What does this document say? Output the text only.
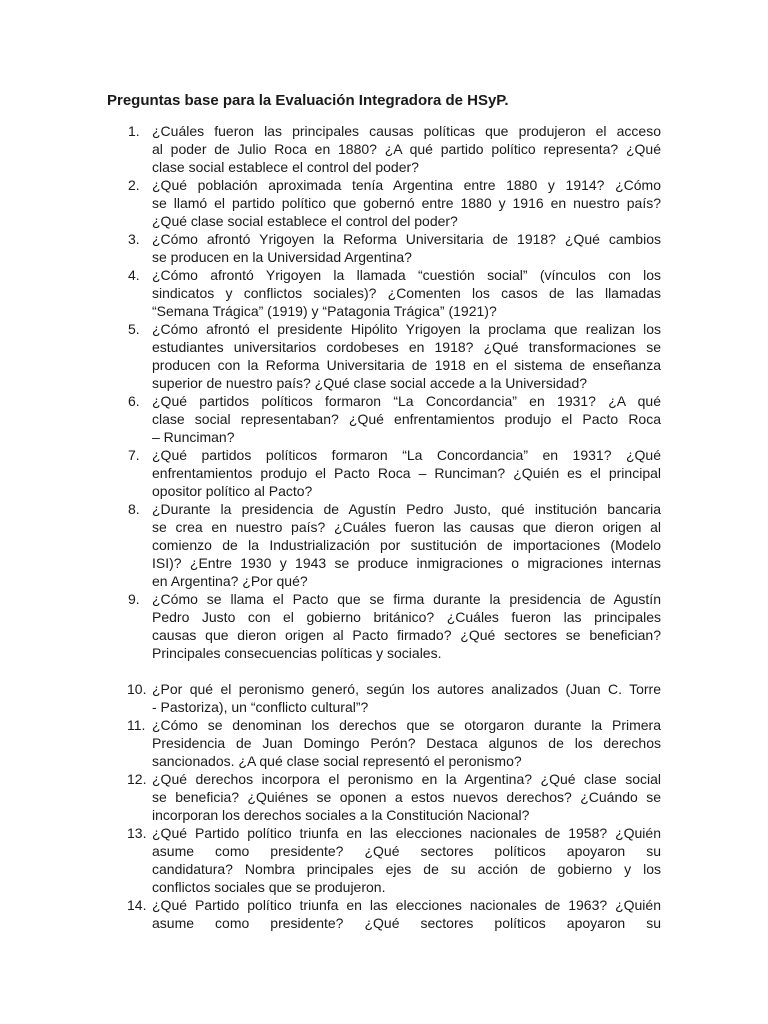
Preguntas base para la Evaluación Integradora de HSyP.

1. ¿Cuáles fueron las principales causas políticas que produjeron el acceso
al poder de Julio Roca en 1880? ¿A qué partido político representa? ¿Qué
clase social establece el control del poder?
2. ¿Qué población aproximada tenía Argentina entre 1880 y 1914? ¿Cómo
se llamó el partido político que gobernó entre 1880 y 1916 en nuestro país?
¿Qué clase social establece el control del poder?
3. ¿Cómo afrontó Yrigoyen la Reforma Universitaria de 1918? ¿Qué cambios
se producen en la Universidad Argentina?
4. ¿Cómo afrontó Yrigoyen la llamada “cuestión social” (vínculos con los
sindicatos y conflictos sociales)? ¿Comenten los casos de las llamadas
“Semana Trágica” (1919) y “Patagonia Trágica” (1921)?
5. ¿Cómo afrontó el presidente Hipólito Yrigoyen la proclama que realizan los
estudiantes universitarios cordobeses en 1918? ¿Qué transformaciones se
producen con la Reforma Universitaria de 1918 en el sistema de enseñanza
superior de nuestro país? ¿Qué clase social accede a la Universidad?
6. ¿Qué partidos políticos formaron “La Concordancia” en 1931? ¿A qué
clase social representaban? ¿Qué enfrentamientos produjo el Pacto Roca
– Runciman?
7. ¿Qué partidos políticos formaron “La Concordancia” en 1931? ¿Qué
enfrentamientos produjo el Pacto Roca – Runciman? ¿Quién es el principal
opositor político al Pacto?
8. ¿Durante la presidencia de Agustín Pedro Justo, qué institución bancaria
se crea en nuestro país? ¿Cuáles fueron las causas que dieron origen al
comienzo de la Industrialización por sustitución de importaciones (Modelo
ISI)? ¿Entre 1930 y 1943 se produce inmigraciones o migraciones internas
en Argentina? ¿Por qué?
9. ¿Cómo se llama el Pacto que se firma durante la presidencia de Agustín
Pedro Justo con el gobierno británico? ¿Cuáles fueron las principales
causas que dieron origen al Pacto firmado? ¿Qué sectores se benefician?
Principales consecuencias políticas y sociales.
10. ¿Por qué el peronismo generó, según los autores analizados (Juan C. Torre
- Pastoriza), un “conflicto cultural”?
11. ¿Cómo se denominan los derechos que se otorgaron durante la Primera
Presidencia de Juan Domingo Perón? Destaca algunos de los derechos
sancionados. ¿A qué clase social representó el peronismo?
12. ¿Qué derechos incorpora el peronismo en la Argentina? ¿Qué clase social
se beneficia? ¿Quiénes se oponen a estos nuevos derechos? ¿Cuándo se
incorporan los derechos sociales a la Constitución Nacional?
13. ¿Qué Partido político triunfa en las elecciones nacionales de 1958? ¿Quién
asume como presidente? ¿Qué sectores políticos apoyaron su
candidatura? Nombra principales ejes de su acción de gobierno y los
conflictos sociales que se produjeron.
14. ¿Qué Partido político triunfa en las elecciones nacionales de 1963? ¿Quién
asume como presidente? ¿Qué sectores políticos apoyaron su
